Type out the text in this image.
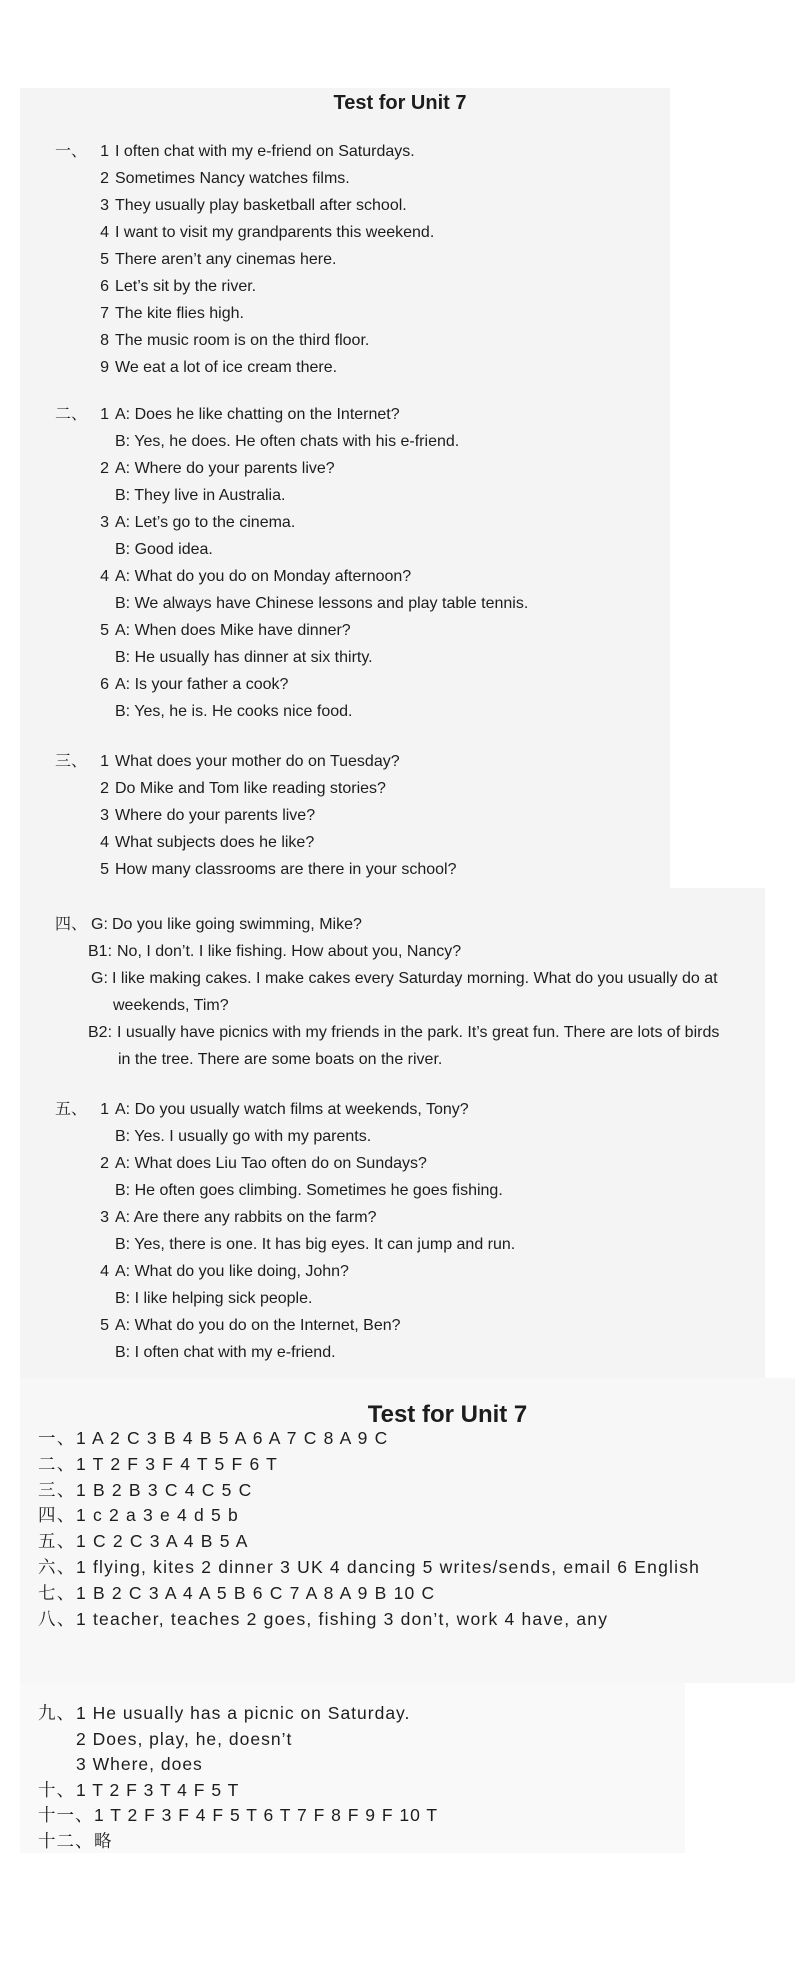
Test for Unit 7
一、 1 I often chat with my e-friend on Saturdays.
2 Sometimes Nancy watches films.
3 They usually play basketball after school.
4 I want to visit my grandparents this weekend.
5 There aren’t any cinemas here.
6 Let’s sit by the river.
7 The kite flies high.
8 The music room is on the third floor.
9 We eat a lot of ice cream there.
二、 1 A: Does he like chatting on the Internet?
B: Yes, he does. He often chats with his e-friend.
2 A: Where do your parents live?
B: They live in Australia.
3 A: Let’s go to the cinema.
B: Good idea.
4 A: What do you do on Monday afternoon?
B: We always have Chinese lessons and play table tennis.
5 A: When does Mike have dinner?
B: He usually has dinner at six thirty.
6 A: Is your father a cook?
B: Yes, he is. He cooks nice food.
三、 1 What does your mother do on Tuesday?
2 Do Mike and Tom like reading stories?
3 Where do your parents live?
4 What subjects does he like?
5 How many classrooms are there in your school?
四、 G: Do you like going swimming, Mike?
B1: No, I don’t. I like fishing. How about you, Nancy?
G: I like making cakes. I make cakes every Saturday morning. What do you usually do at
weekends, Tim?
B2: I usually have picnics with my friends in the park. It’s great fun. There are lots of birds
in the tree. There are some boats on the river.
五、 1 A: Do you usually watch films at weekends, Tony?
B: Yes. I usually go with my parents.
2 A: What does Liu Tao often do on Sundays?
B: He often goes climbing. Sometimes he goes fishing.
3 A: Are there any rabbits on the farm?
B: Yes, there is one. It has big eyes. It can jump and run.
4 A: What do you like doing, John?
B: I like helping sick people.
5 A: What do you do on the Internet, Ben?
B: I often chat with my e-friend.
Test for Unit 7
一、 1 A 2 C 3 B 4 B 5 A 6 A 7 C 8 A 9 C
二、 1 T 2 F 3 F 4 T 5 F 6 T
三、 1 B 2 B 3 C 4 C 5 C
四、 1 c 2 a 3 e 4 d 5 b
五、 1 C 2 C 3 A 4 B 5 A
六、 1 flying, kites 2 dinner 3 UK 4 dancing 5 writes/sends, email 6 English
七、 1 B 2 C 3 A 4 A 5 B 6 C 7 A 8 A 9 B 10 C
八、 1 teacher, teaches 2 goes, fishing 3 don’t, work 4 have, any
九、 1 He usually has a picnic on Saturday.
2 Does, play, he, doesn’t
3 Where, does
十、 1 T 2 F 3 T 4 F 5 T
十一、 1 T 2 F 3 F 4 F 5 T 6 T 7 F 8 F 9 F 10 T
十二、 略
